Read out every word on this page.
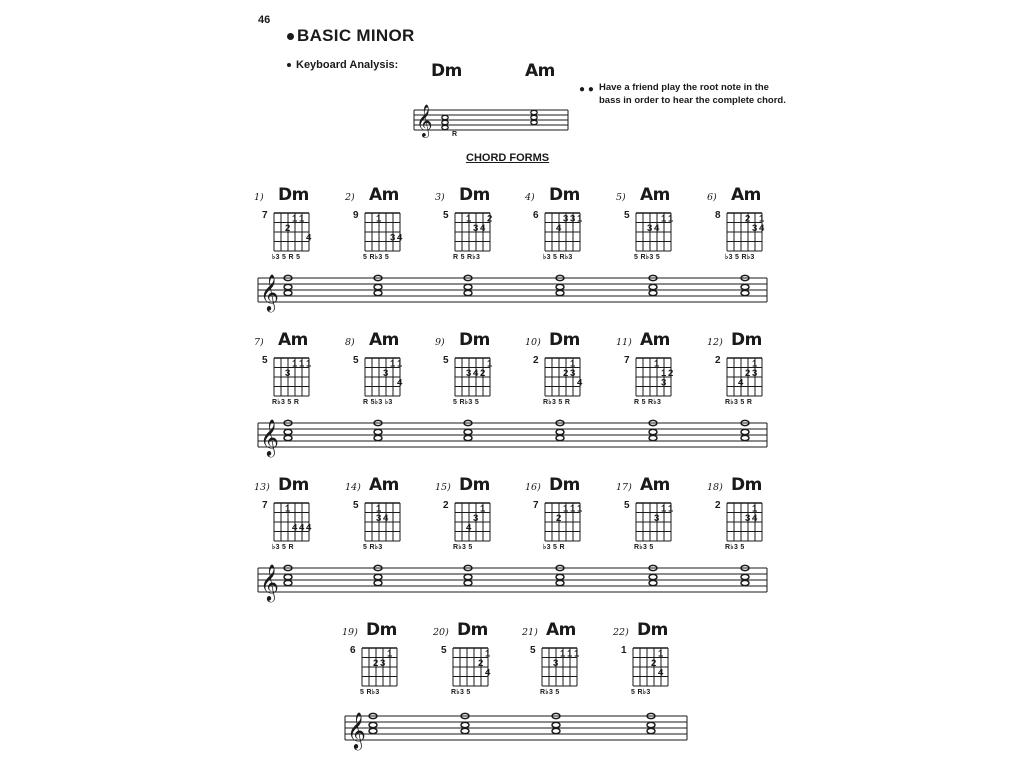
46
BASIC MINOR
Keyboard Analysis: Dm	Am
𝄞	R
● ● Have a friend play the root note in the bass in order to hear the complete chord.
CHORD FORMS
1) Dm
7
2
1 1
4
♭3 5 R 5
2) Am
9 1
3 4
5 R♭3 5
3) Dm
5 1
3 4
2
R 5 R♭3
4) Dm
6
4
3 3 1
♭3 5 R♭3
5) Am
5
3 4
1 1
5 R♭3 5
6) Am
8
3 4
1
2
♭3 5 R♭3
7) Am
5	1 1 1
3
R♭3 5 R
8) Am
5
3
1 1
4
R 5♭3 ♭3
9) Dm
5
3 4 2
1
5 R♭3 5
10) Dm
2
2 3
1
4
R♭3 5 R
11) Am
7	1
1
3
2
R 5 R♭3
12) Dm
2
2 3
1
4
R♭3 5 R
13) Dm
7 1
4 4 4
♭3 5 R
14) Am
5
3 4
1
5 R♭3
15) Dm
2	1
3
4
R♭3 5
16) Dm
7
2
1 1 1
♭3 5 R
17) Am
5
3
1 1
R♭3 5
18) Dm
2
3 4
1
R♭3 5
19) Dm
6
2 3
1
5 R♭3
20) Dm
5	1
2
4
R♭3 5
21) Am
5	1 1 1
3
R♭3 5
22) Dm
1	1
2
4
5 R♭3
𝄞
𝄞
𝄞
𝄞
